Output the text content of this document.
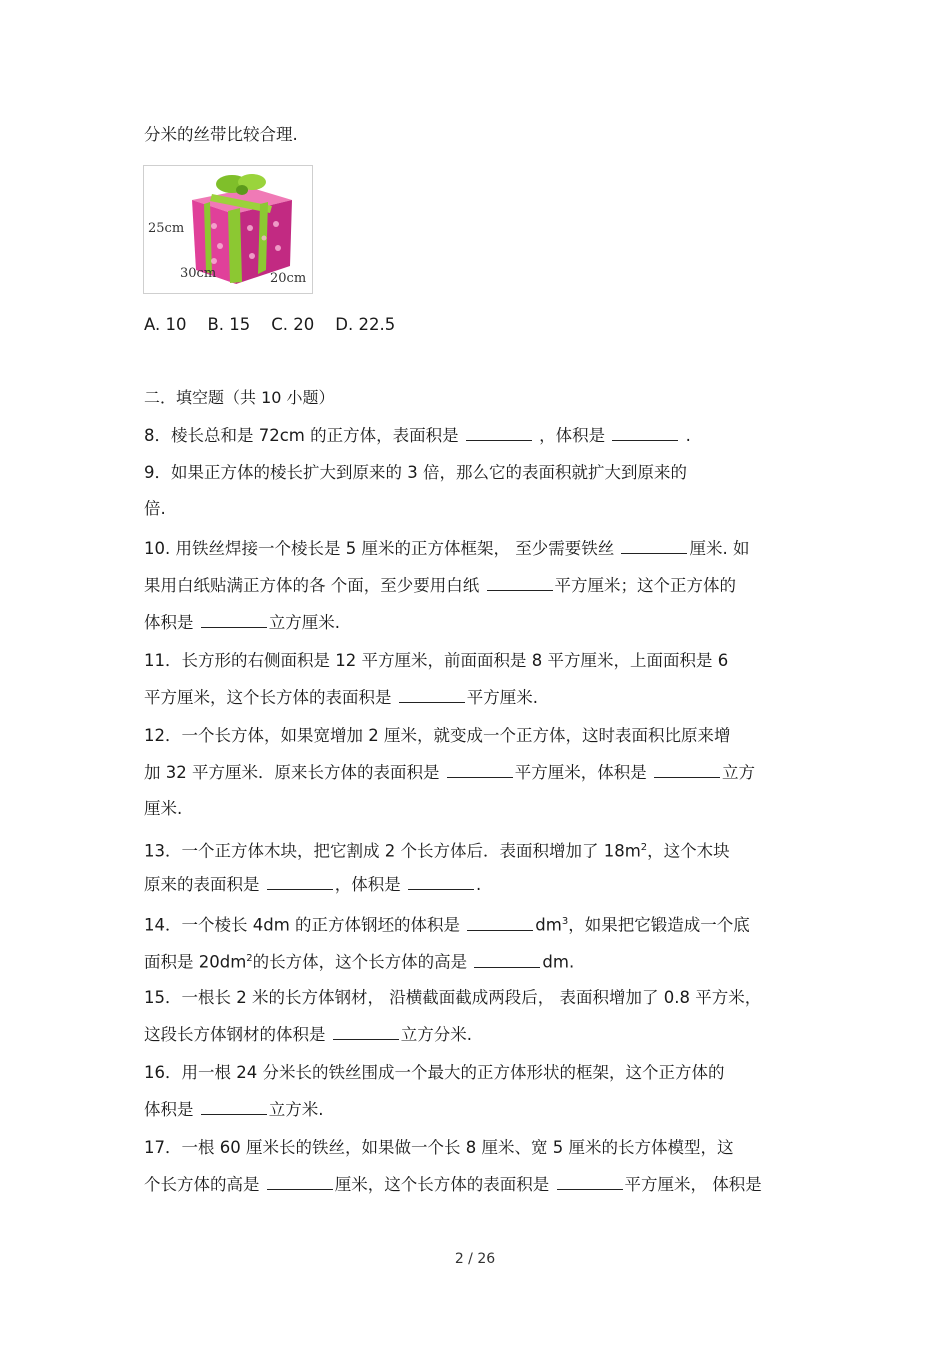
分米的丝带比较合理.
25cm
30cm	20cm
A. 10 B. 15 C. 20 D. 22.5
二．填空题（共 10 小题）
8．棱长总和是 72cm 的正方体，表面积是	，体积是	.
9．如果正方体的棱长扩大到原来的 3 倍，那么它的表面积就扩大到原来的
倍.
10. 用铁丝焊接一个棱长是 5 厘米的正方体框架， 至少需要铁丝	厘米. 如
果用白纸贴满正方体的各 个面，至少要用白纸	平方厘米；这个正方体的
体积是	立方厘米.
11．长方形的右侧面积是 12 平方厘米，前面面积是 8 平方厘米，上面面积是 6
平方厘米，这个长方体的表面积是	平方厘米.
12．一个长方体，如果宽增加 2 厘米，就变成一个正方体，这时表面积比原来增
加 32 平方厘米．原来长方体的表面积是	平方厘米，体积是	立方
厘米.
13．一个正方体木块，把它割成 2 个长方体后．表面积增加了 $18m^2$，这个木块
原来的表面积是	，体积是	.
14．一个棱长 4dm 的正方体钢坯的体积是	$dm^3$，如果把它锻造成一个底
面积是 $20dm^2$的长方体，这个长方体的高是	dm.
15．一根长 2 米的长方体钢材， 沿横截面截成两段后， 表面积增加了 0.8 平方米，
这段长方体钢材的体积是	立方分米.
16．用一根 24 分米长的铁丝围成一个最大的正方体形状的框架，这个正方体的
体积是	立方米.
17．一根 60 厘米长的铁丝，如果做一个长 8 厘米、宽 5 厘米的长方体模型，这
个长方体的高是	厘米，这个长方体的表面积是	平方厘米， 体积是
2 / 26
